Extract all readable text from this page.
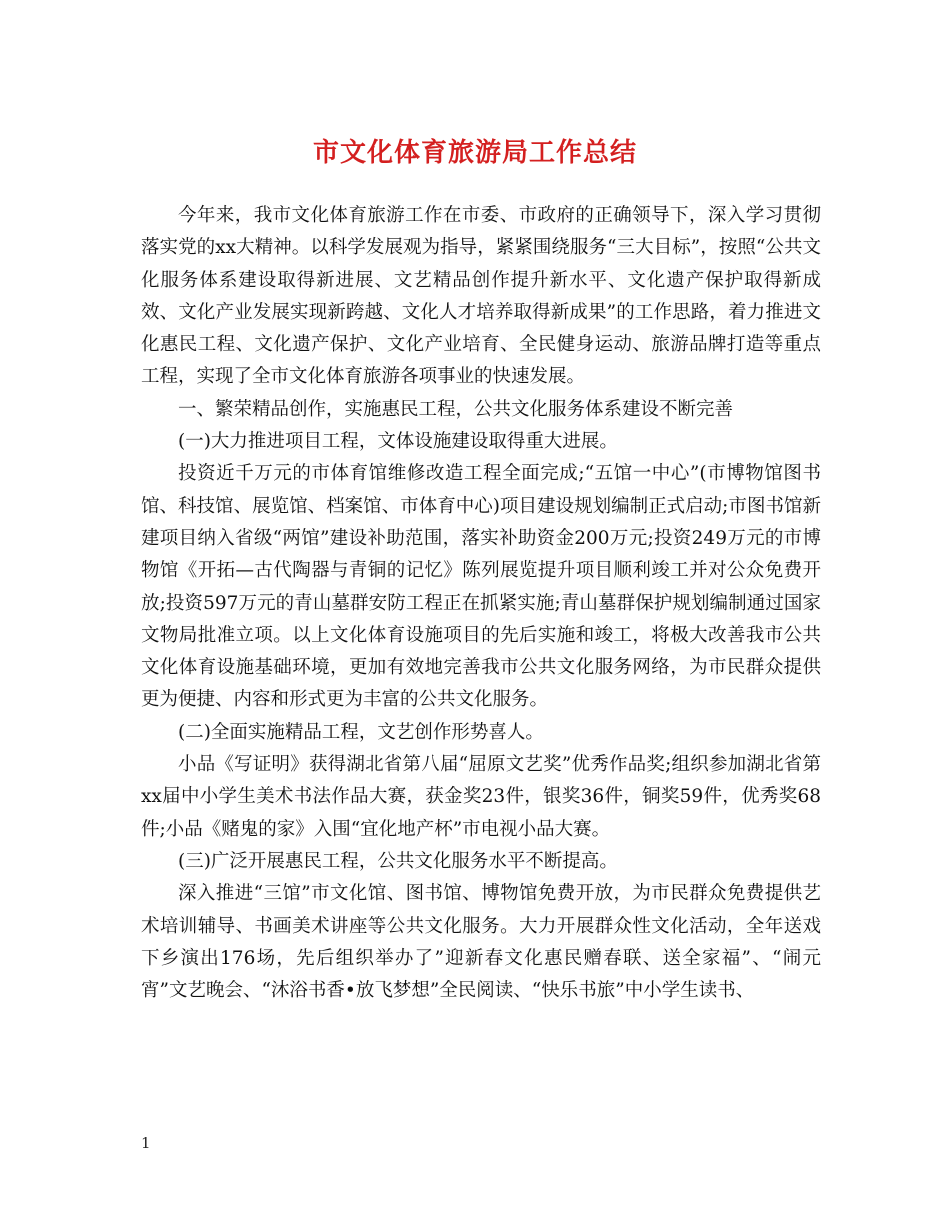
市文化体育旅游局工作总结

今年来，我市文化体育旅游工作在市委、市政府的正确领导下，深入学习贯彻落实党的xx大精神。以科学发展观为指导，紧紧围绕服务“三大目标”，按照“公共文化服务体系建设取得新进展、文艺精品创作提升新水平、文化遗产保护取得新成效、文化产业发展实现新跨越、文化人才培养取得新成果”的工作思路，着力推进文化惠民工程、文化遗产保护、文化产业培育、全民健身运动、旅游品牌打造等重点工程，实现了全市文化体育旅游各项事业的快速发展。

一、繁荣精品创作，实施惠民工程，公共文化服务体系建设不断完善

(一)大力推进项目工程，文体设施建设取得重大进展。

投资近千万元的市体育馆维修改造工程全面完成;“五馆一中心”(市博物馆图书馆、科技馆、展览馆、档案馆、市体育中心)项目建设规划编制正式启动;市图书馆新建项目纳入省级“两馆”建设补助范围，落实补助资金200万元;投资249万元的市博物馆《开拓—古代陶器与青铜的记忆》陈列展览提升项目顺利竣工并对公众免费开放;投资597万元的青山墓群安防工程正在抓紧实施;青山墓群保护规划编制通过国家文物局批准立项。以上文化体育设施项目的先后实施和竣工，将极大改善我市公共文化体育设施基础环境，更加有效地完善我市公共文化服务网络，为市民群众提供更为便捷、内容和形式更为丰富的公共文化服务。

(二)全面实施精品工程，文艺创作形势喜人。

小品《写证明》获得湖北省第八届“屈原文艺奖”优秀作品奖;组织参加湖北省第xx届中小学生美术书法作品大赛，获金奖23件，银奖36件，铜奖59件，优秀奖68件;小品《赌鬼的家》入围“宜化地产杯”市电视小品大赛。

(三)广泛开展惠民工程，公共文化服务水平不断提高。

深入推进“三馆”市文化馆、图书馆、博物馆免费开放，为市民群众免费提供艺术培训辅导、书画美术讲座等公共文化服务。大力开展群众性文化活动，全年送戏下乡演出176场，先后组织举办了”迎新春文化惠民赠春联、送全家福”、“闹元宵”文艺晚会、“沐浴书香•放飞梦想”全民阅读、“快乐书旅”中小学生读书、

1
